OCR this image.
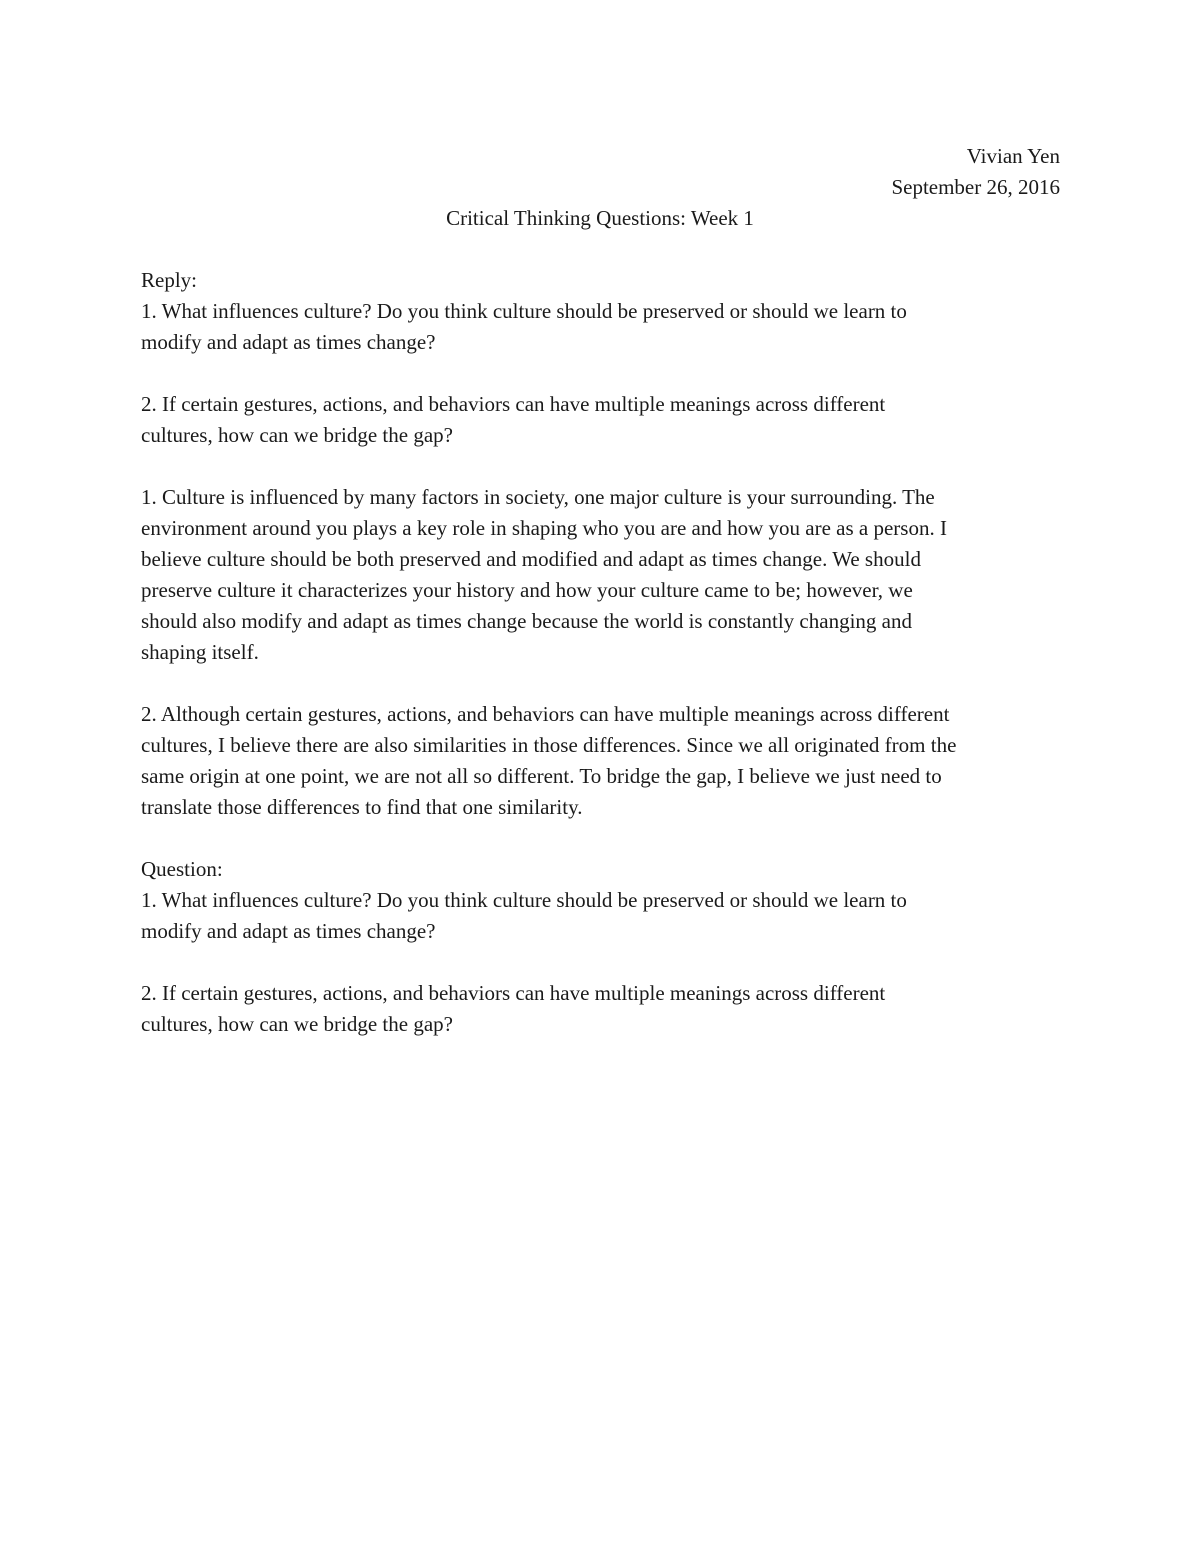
Vivian Yen
September 26, 2016
Critical Thinking Questions: Week 1
Reply:
1. What influences culture? Do you think culture should be preserved or should we learn to
modify and adapt as times change?
2. If certain gestures, actions, and behaviors can have multiple meanings across different
cultures, how can we bridge the gap?
1. Culture is influenced by many factors in society, one major culture is your surrounding. The
environment around you plays a key role in shaping who you are and how you are as a person. I
believe culture should be both preserved and modified and adapt as times change. We should
preserve culture it characterizes your history and how your culture came to be; however, we
should also modify and adapt as times change because the world is constantly changing and
shaping itself.
2. Although certain gestures, actions, and behaviors can have multiple meanings across different
cultures, I believe there are also similarities in those differences. Since we all originated from the
same origin at one point, we are not all so different. To bridge the gap, I believe we just need to
translate those differences to find that one similarity.
Question:
1. What influences culture? Do you think culture should be preserved or should we learn to
modify and adapt as times change?
2. If certain gestures, actions, and behaviors can have multiple meanings across different
cultures, how can we bridge the gap?
